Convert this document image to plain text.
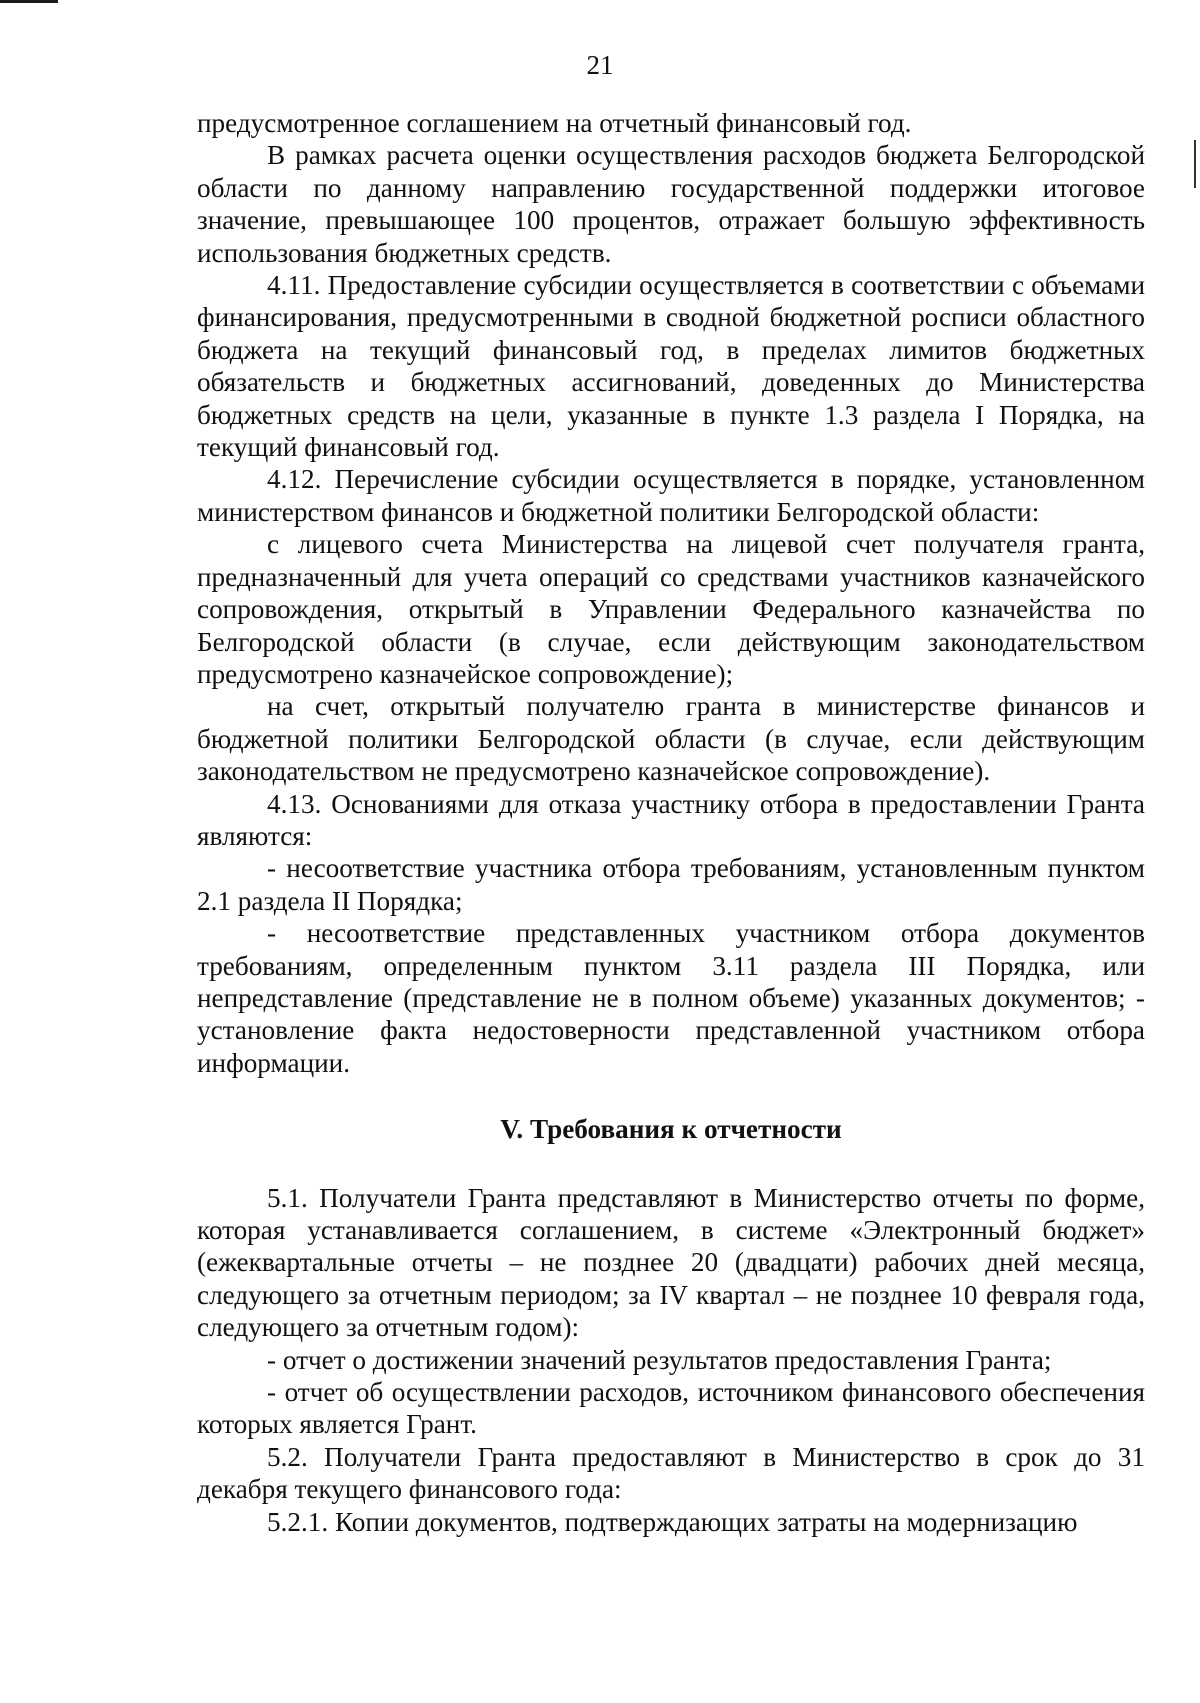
21

предусмотренное соглашением на отчетный финансовый год.

В рамках расчета оценки осуществления расходов бюджета Белгородской области по данному направлению государственной поддержки итоговое значение, превышающее 100 процентов, отражает большую эффективность использования бюджетных средств.

4.11. Предоставление субсидии осуществляется в соответствии с объемами финансирования, предусмотренными в сводной бюджетной росписи областного бюджета на текущий финансовый год, в пределах лимитов бюджетных обязательств и бюджетных ассигнований, доведенных до Министерства бюджетных средств на цели, указанные в пункте 1.3 раздела I Порядка, на текущий финансовый год.

4.12. Перечисление субсидии осуществляется в порядке, установленном министерством финансов и бюджетной политики Белгородской области:

с лицевого счета Министерства на лицевой счет получателя гранта, предназначенный для учета операций со средствами участников казначейского сопровождения, открытый в Управлении Федерального казначейства по Белгородской области (в случае, если действующим законодательством предусмотрено казначейское сопровождение);

на счет, открытый получателю гранта в министерстве финансов и бюджетной политики Белгородской области (в случае, если действующим законодательством не предусмотрено казначейское сопровождение).

4.13. Основаниями для отказа участнику отбора в предоставлении Гранта являются:

- несоответствие участника отбора требованиям, установленным пунктом 2.1 раздела II Порядка;

- несоответствие представленных участником отбора документов требованиям, определенным пунктом 3.11 раздела III Порядка, или непредставление (представление не в полном объеме) указанных документов; - установление факта недостоверности представленной участником отбора информации.

V. Требования к отчетности

5.1. Получатели Гранта представляют в Министерство отчеты по форме, которая устанавливается соглашением, в системе «Электронный бюджет» (ежеквартальные отчеты – не позднее 20 (двадцати) рабочих дней месяца, следующего за отчетным периодом; за IV квартал – не позднее 10 февраля года, следующего за отчетным годом):

- отчет о достижении значений результатов предоставления Гранта;

- отчет об осуществлении расходов, источником финансового обеспечения которых является Грант.

5.2. Получатели Гранта предоставляют в Министерство в срок до 31 декабря текущего финансового года:

5.2.1. Копии документов, подтверждающих затраты на модернизацию
